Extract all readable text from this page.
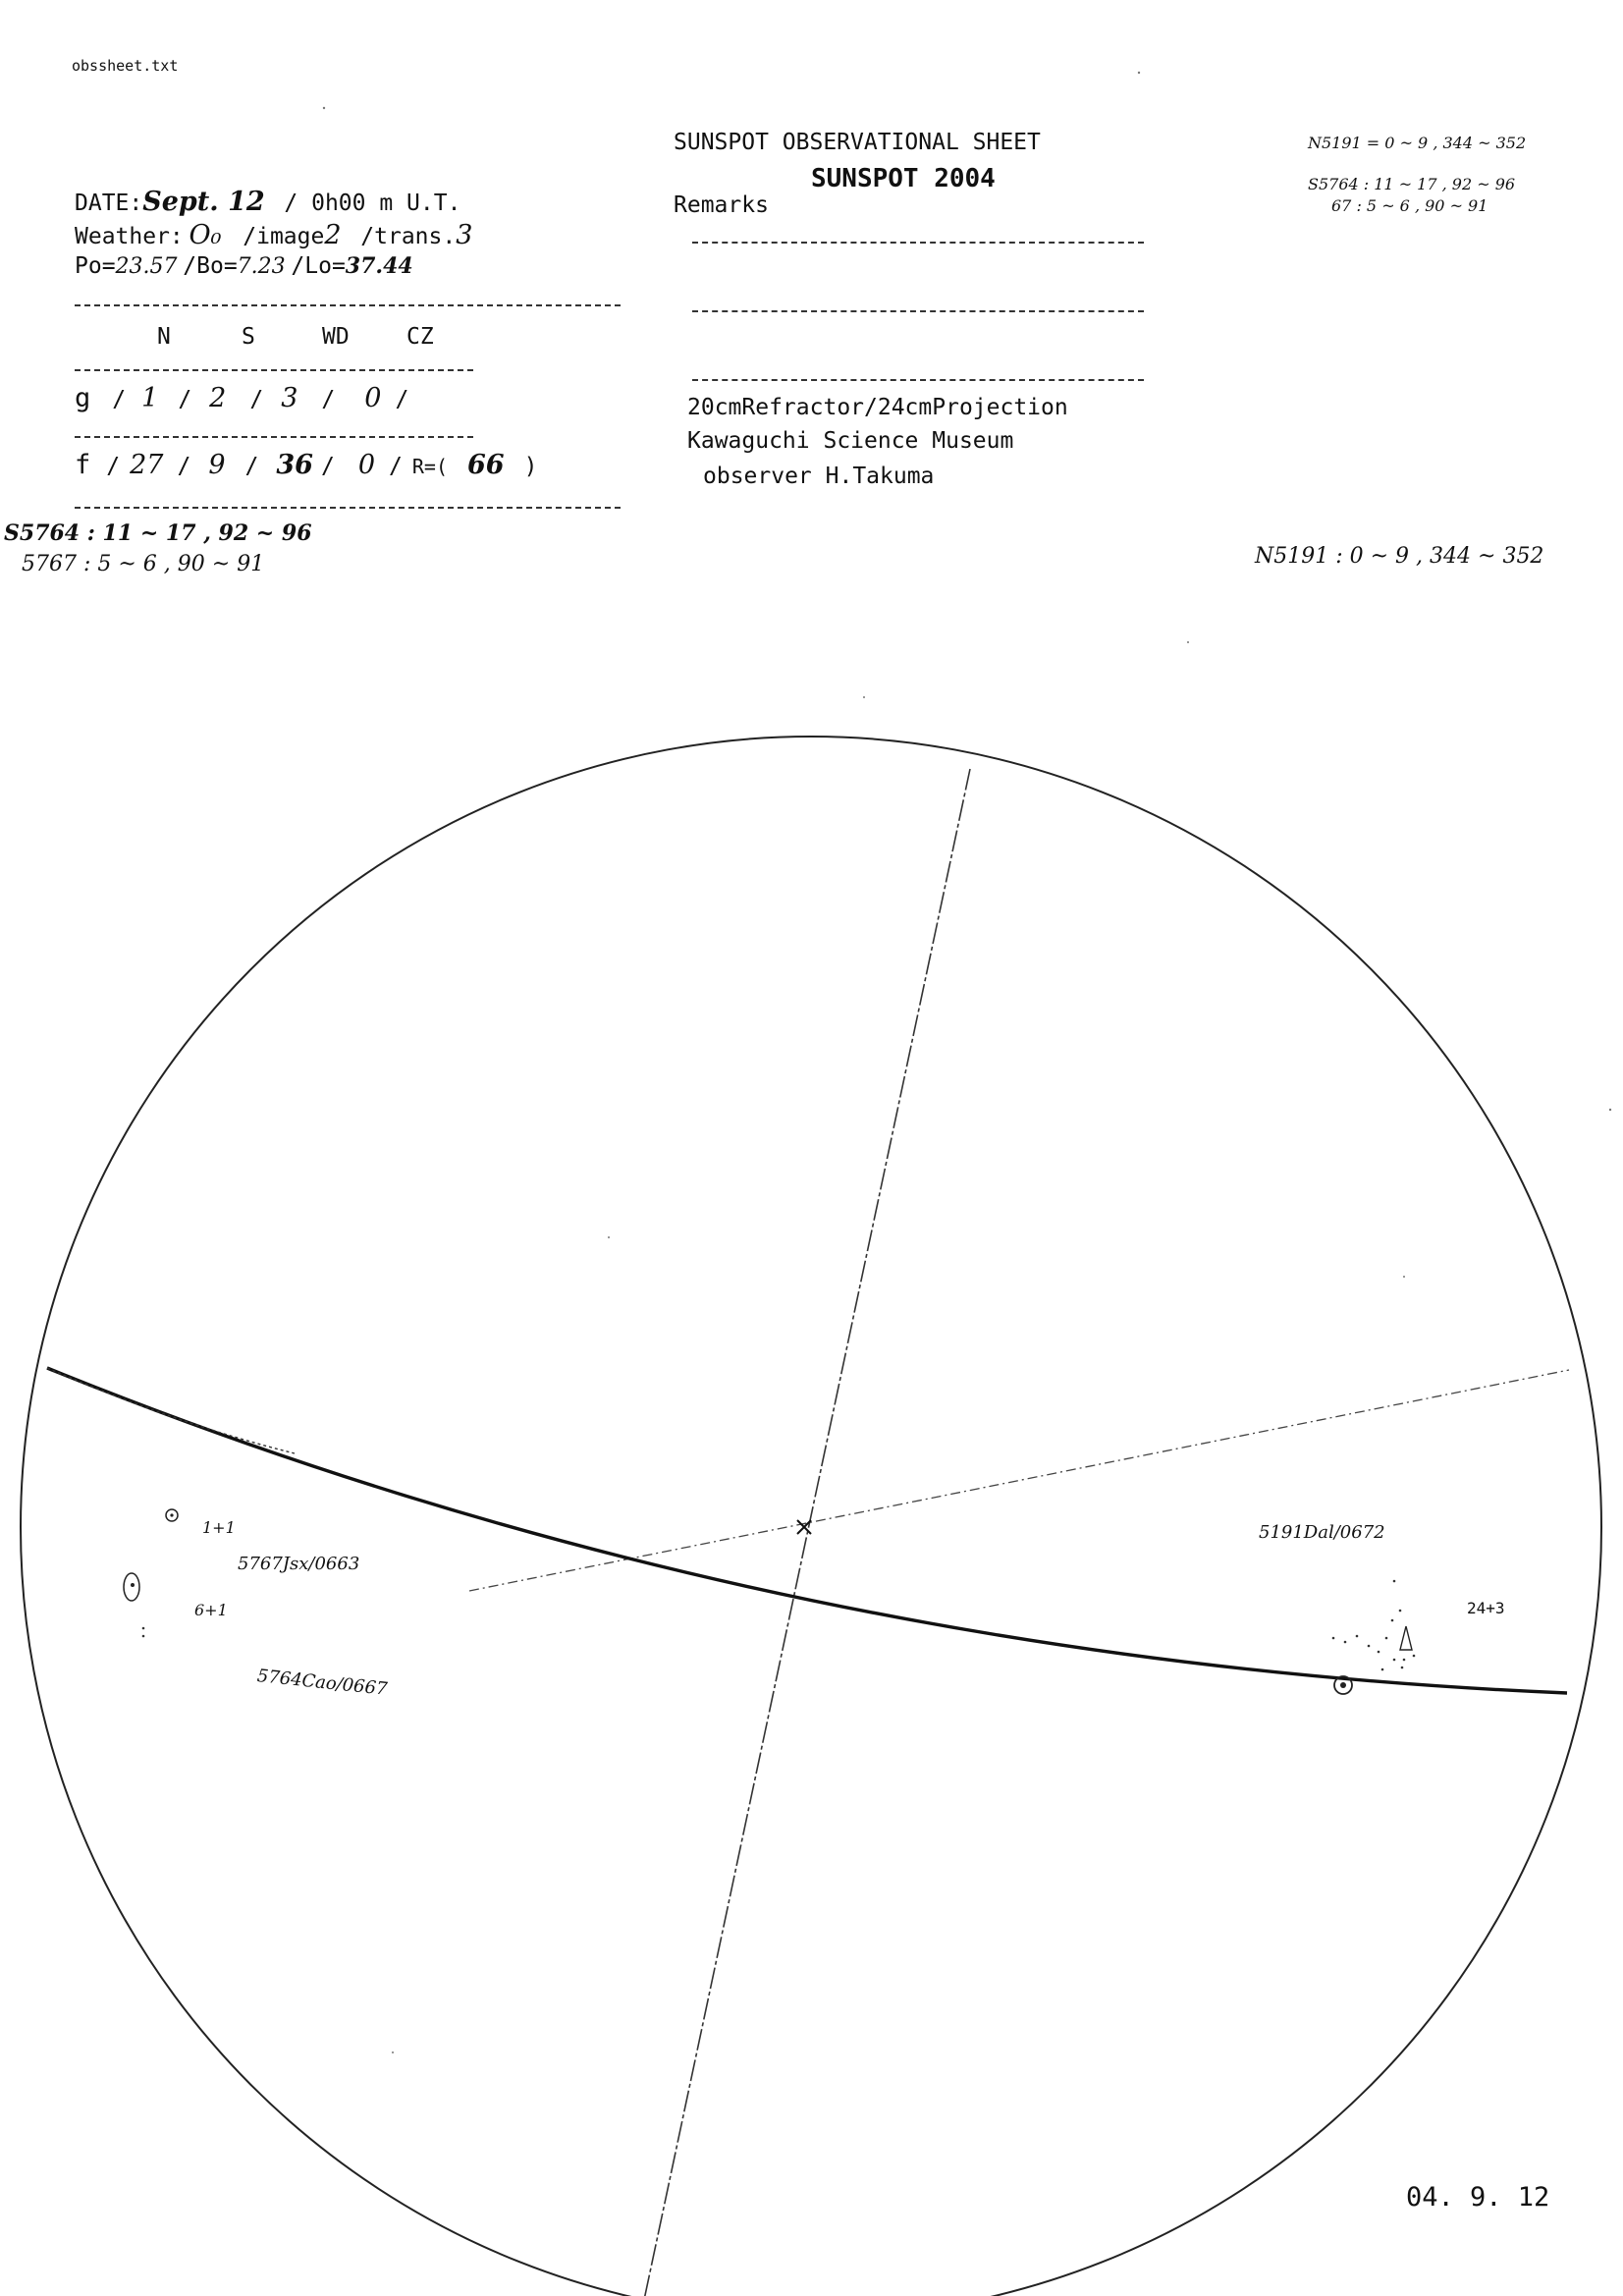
obssheet.txt
SUNSPOT OBSERVATIONAL SHEET
SUNSPOT 2004
Remarks
20cmRefractor/24cmProjection
Kawaguchi Science Museum
observer H.Takuma
DATE:Sept. 12 / 0h00 m U.T.
Weather: O₀ /image2 /trans.3
Po=23.57 /Bo=7.23 /Lo=37.44
N	S	WD	CZ
g / 1 / 2 / 3 / 0 /
f / 27 / 9 / 36 / 0 / R=( 66 )
N5191 = 0 ~ 9 , 344 ~ 352
S5764 : 11 ~ 17 , 92 ~ 96
67 : 5 ~ 6 , 90 ~ 91
S5764 : 11 ~ 17 , 92 ~ 96
5767 : 5 ~ 6 , 90 ~ 91	N5191 : 0 ~ 9 , 344 ~ 352
5191Dal/0672
24+3
5767Jsx/0663
1+1
6+1
5764Cao/0667
04. 9. 12
